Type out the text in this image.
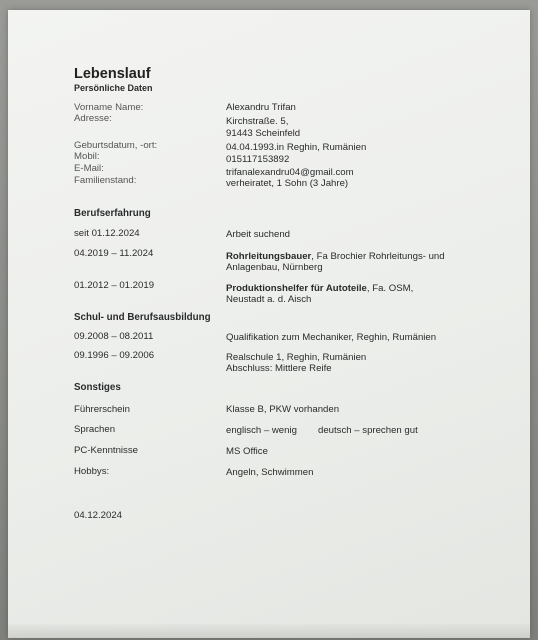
Lebenslauf
Persönliche Daten
Vorname Name:	Alexandru Trifan
Adresse:	Kirchstraße. 5,
91443 Scheinfeld
Geburtsdatum, -ort:	04.04.1993.in Reghin, Rumänien
Mobil:	015117153892
E-Mail:	trifanalexandru04@gmail.com
Familienstand:	verheiratet, 1 Sohn (3 Jahre)
Berufserfahrung
seit 01.12.2024	Arbeit suchend
04.2019 – 11.2024	Rohrleitungsbauer, Fa Brochier Rohrleitungs- und
Anlagenbau, Nürnberg
01.2012 – 01.2019	Produktionshelfer für Autoteile, Fa. OSM,
Neustadt a. d. Aisch
Schul- und Berufsausbildung
09.2008 – 08.2011	Qualifikation zum Mechaniker, Reghin, Rumänien
09.1996 – 09.2006	Realschule 1, Reghin, Rumänien
Abschluss: Mittlere Reife
Sonstiges
Führerschein	Klasse B, PKW vorhanden
Sprachen	englisch – wenig deutsch – sprechen gut
PC-Kenntnisse	MS Office
Hobbys:	Angeln, Schwimmen
04.12.2024
